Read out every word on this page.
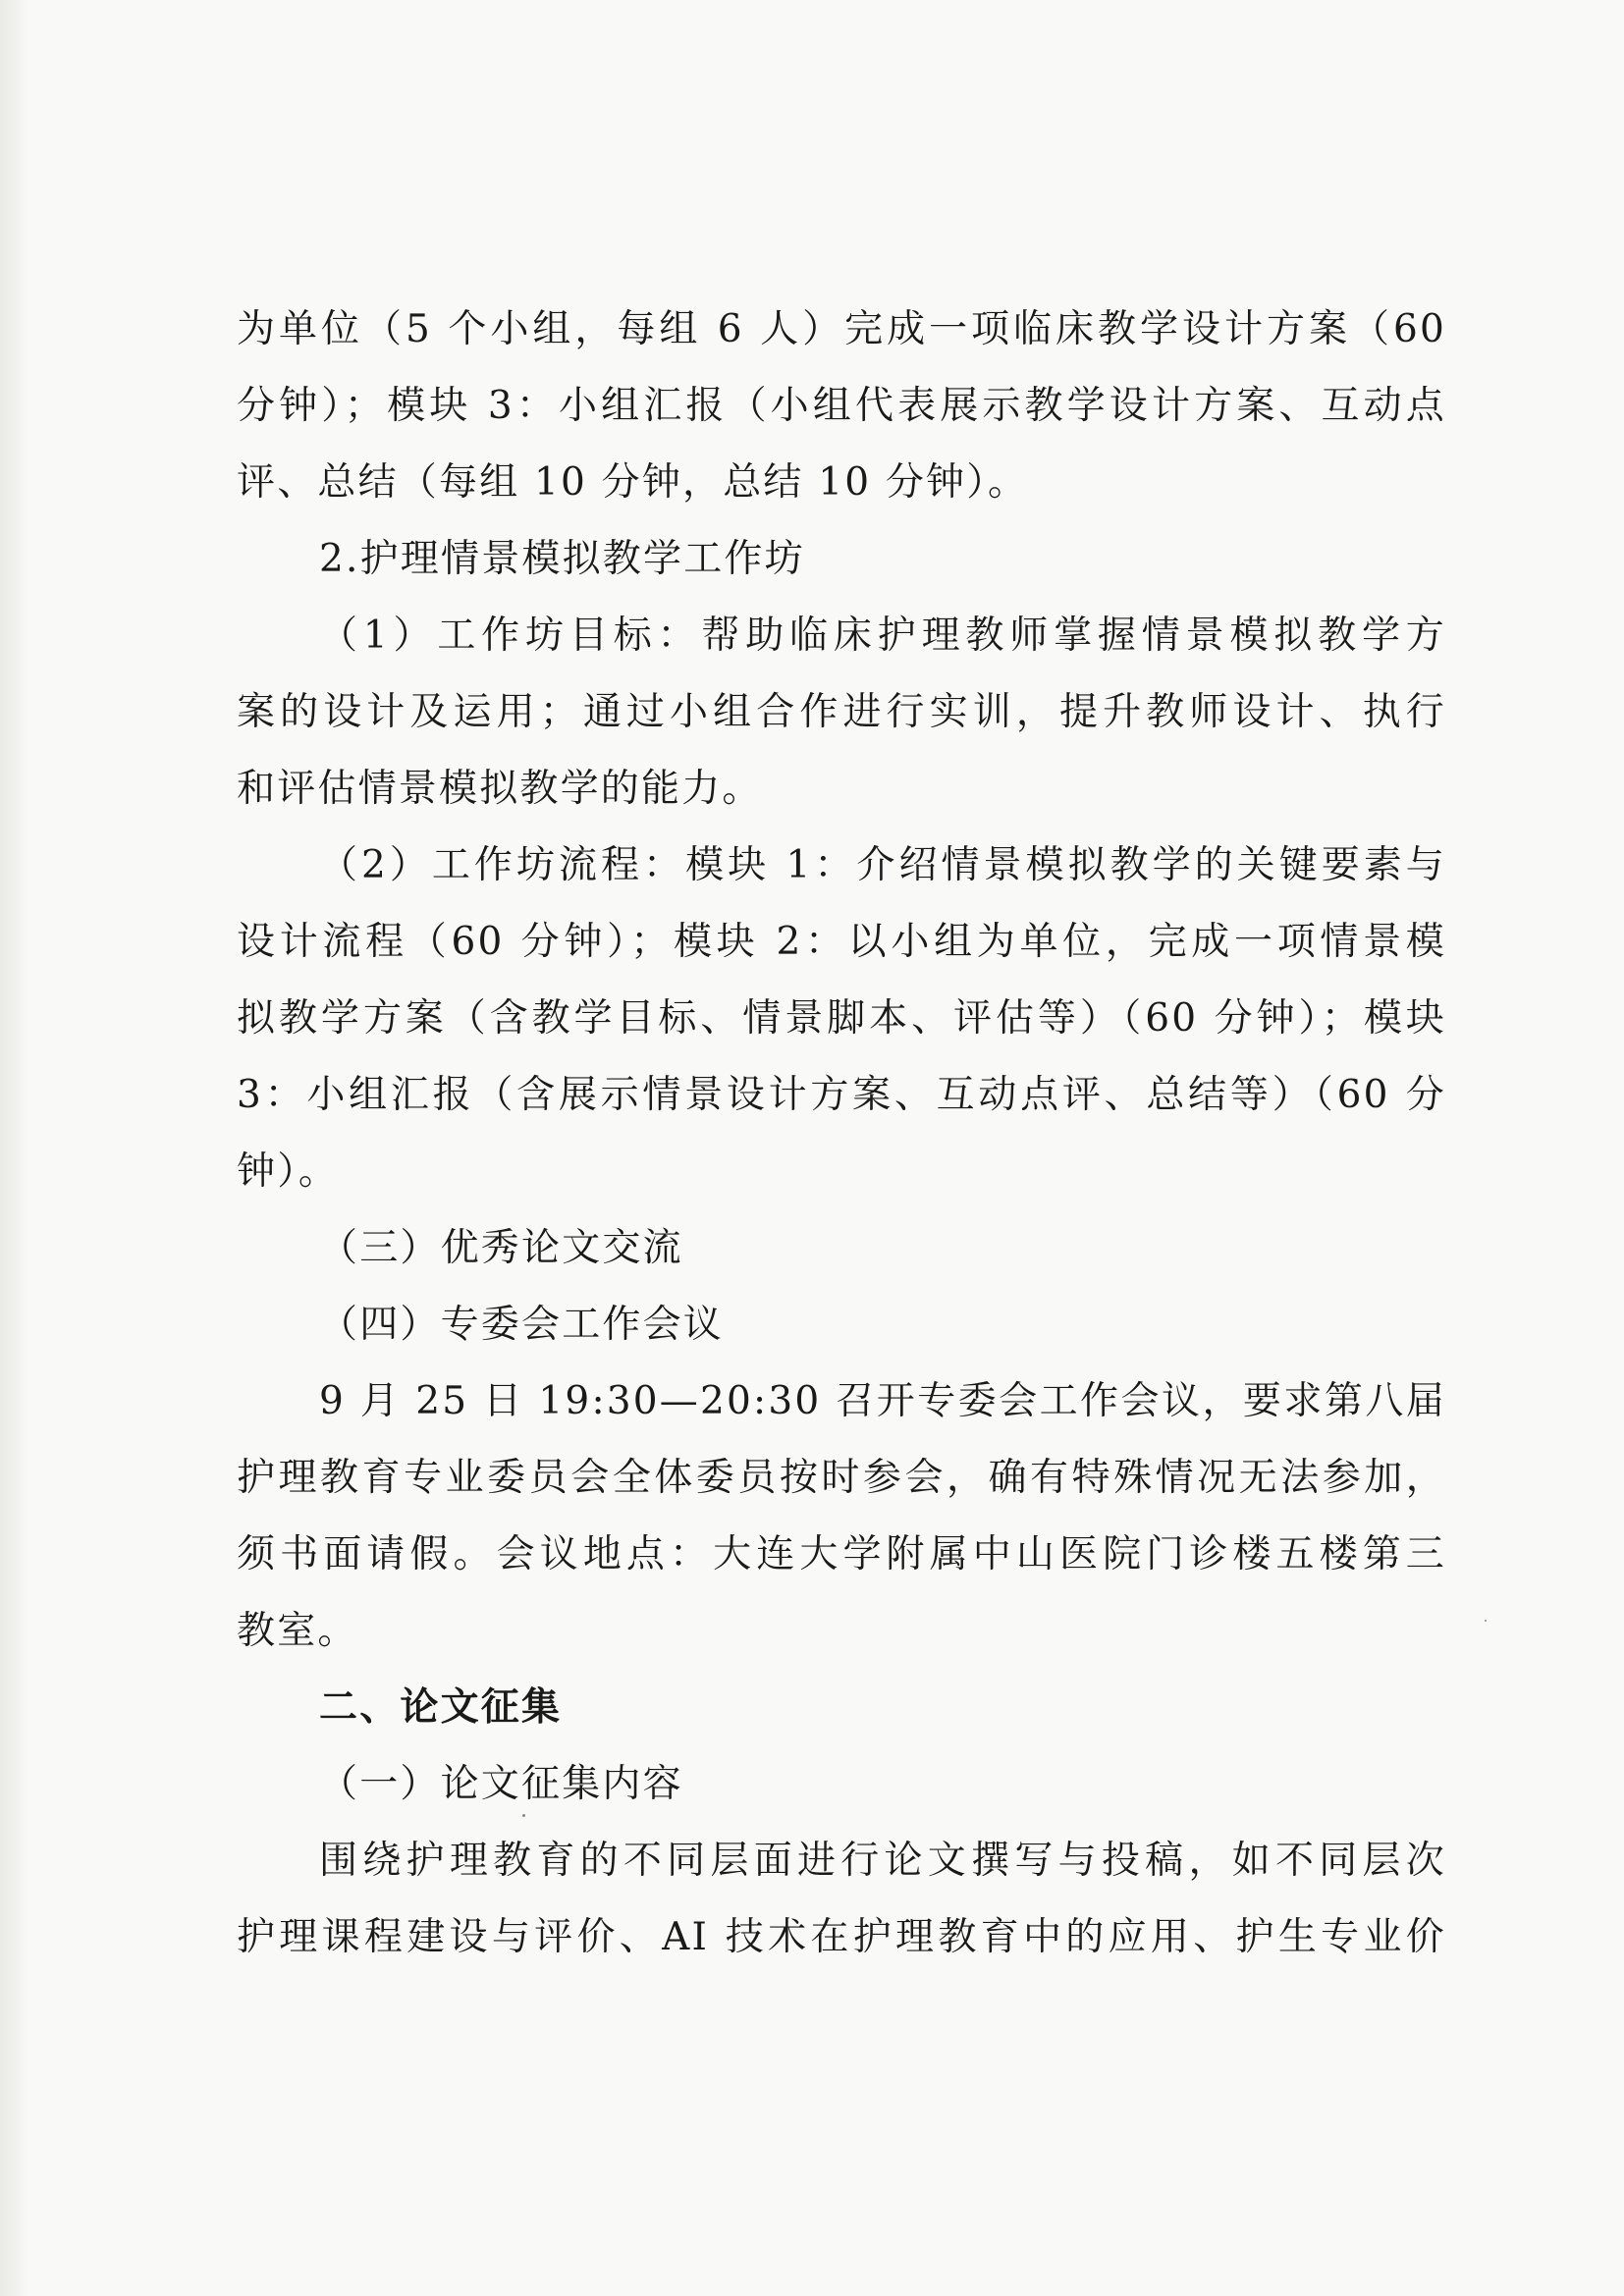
为单位（5 个小组，每组 6 人）完成一项临床教学设计方案（60
分钟）；模块 3：小组汇报（小组代表展示教学设计方案、互动点
评、总结（每组 10 分钟，总结 10 分钟）。
2.护理情景模拟教学工作坊
（1）工作坊目标：帮助临床护理教师掌握情景模拟教学方
案的设计及运用；通过小组合作进行实训，提升教师设计、执行
和评估情景模拟教学的能力。
（2）工作坊流程：模块 1：介绍情景模拟教学的关键要素与
设计流程（60 分钟）；模块 2：以小组为单位，完成一项情景模
拟教学方案（含教学目标、情景脚本、评估等）（60 分钟）；模块
3：小组汇报（含展示情景设计方案、互动点评、总结等）（60 分
钟）。
（三）优秀论文交流
（四）专委会工作会议
9 月 25 日 19:30—20:30 召开专委会工作会议，要求第八届
护理教育专业委员会全体委员按时参会，确有特殊情况无法参加，
须书面请假。会议地点：大连大学附属中山医院门诊楼五楼第三
教室。
二、论文征集
（一）论文征集内容
围绕护理教育的不同层面进行论文撰写与投稿，如不同层次
护理课程建设与评价、AI 技术在护理教育中的应用、护生专业价
